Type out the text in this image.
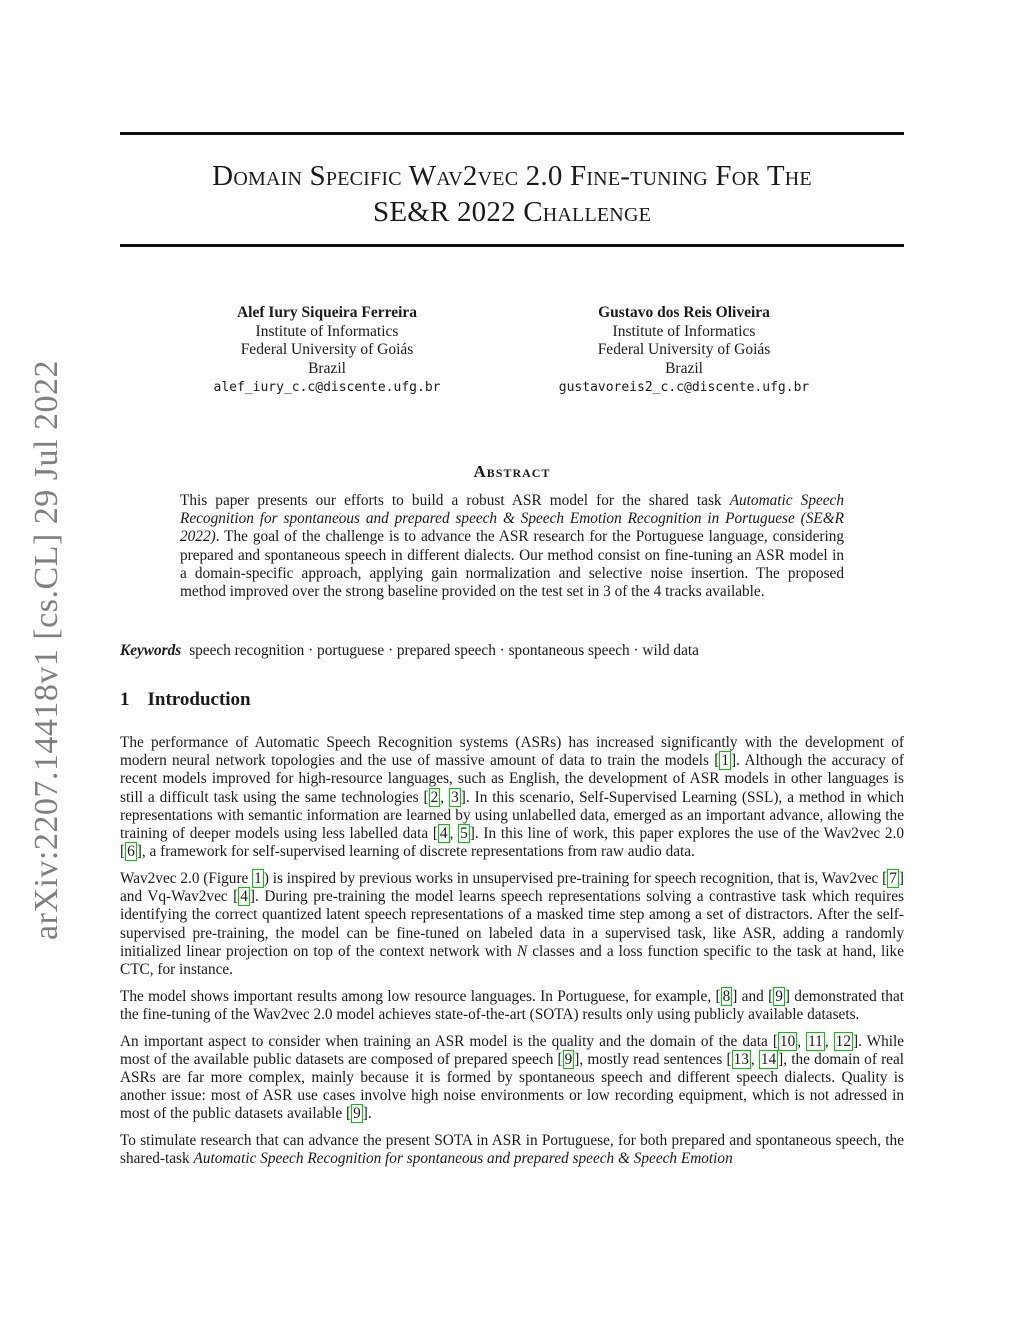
Domain Specific Wav2vec 2.0 Fine-tuning For The
SE&R 2022 Challenge
Alef Iury Siqueira Ferreira
Institute of Informatics
Federal University of Goiás
Brazil
alef_iury_c.c@discente.ufg.br
Gustavo dos Reis Oliveira
Institute of Informatics
Federal University of Goiás
Brazil
gustavoreis2_c.c@discente.ufg.br
arXiv:2207.14418v1 [cs.CL] 29 Jul 2022	Abstract
This paper presents our efforts to build a robust ASR model for the shared task Automatic Speech Recognition for spontaneous and prepared speech & Speech Emotion Recognition in Portuguese (SE&R 2022). The goal of the challenge is to advance the ASR research for the Portuguese language, considering prepared and spontaneous speech in different dialects. Our method consist on fine-tuning an ASR model in a domain-specific approach, applying gain normalization and selective noise insertion. The proposed method improved over the strong baseline provided on the test set in 3 of the 4 tracks available.
Keywords speech recognition · portuguese · prepared speech · spontaneous speech · wild data
1 Introduction

The performance of Automatic Speech Recognition systems (ASRs) has increased significantly with the development of modern neural network topologies and the use of massive amount of data to train the models [ 1 ]. Although the accuracy of recent models improved for high-resource languages, such as English, the development of ASR models in other languages is still a difficult task using the same technologies [ 2 , 3 ]. In this scenario, Self-Supervised Learning (SSL), a method in which representations with semantic information are learned by using unlabelled data, emerged as an important advance, allowing the training of deeper models using less labelled data [ 4 , 5 ]. In this line of work, this paper explores the use of the Wav2vec 2.0 [ 6 ], a framework for self-supervised learning of discrete representations from raw audio data.

Wav2vec 2.0 (Figure 1 ) is inspired by previous works in unsupervised pre-training for speech recognition, that is, Wav2vec [ 7 ] and Vq-Wav2vec [ 4 ]. During pre-training the model learns speech representations solving a contrastive task which requires identifying the correct quantized latent speech representations of a masked time step among a set of distractors. After the self-supervised pre-training, the model can be fine-tuned on labeled data in a supervised task, like ASR, adding a randomly initialized linear projection on top of the context network with N classes and a loss function specific to the task at hand, like CTC, for instance.

The model shows important results among low resource languages. In Portuguese, for example, [ 8 ] and [ 9 ] demonstrated that the fine-tuning of the Wav2vec 2.0 model achieves state-of-the-art (SOTA) results only using publicly available datasets.

An important aspect to consider when training an ASR model is the quality and the domain of the data [ 10 , 11 , 12 ]. While most of the available public datasets are composed of prepared speech [ 9 ], mostly read sentences [ 13 , 14 ], the domain of real ASRs are far more complex, mainly because it is formed by spontaneous speech and different speech dialects. Quality is another issue: most of ASR use cases involve high noise environments or low recording equipment, which is not adressed in most of the public datasets available [ 9 ].

To stimulate research that can advance the present SOTA in ASR in Portuguese, for both prepared and spontaneous speech, the shared-task Automatic Speech Recognition for spontaneous and prepared speech & Speech Emotion
